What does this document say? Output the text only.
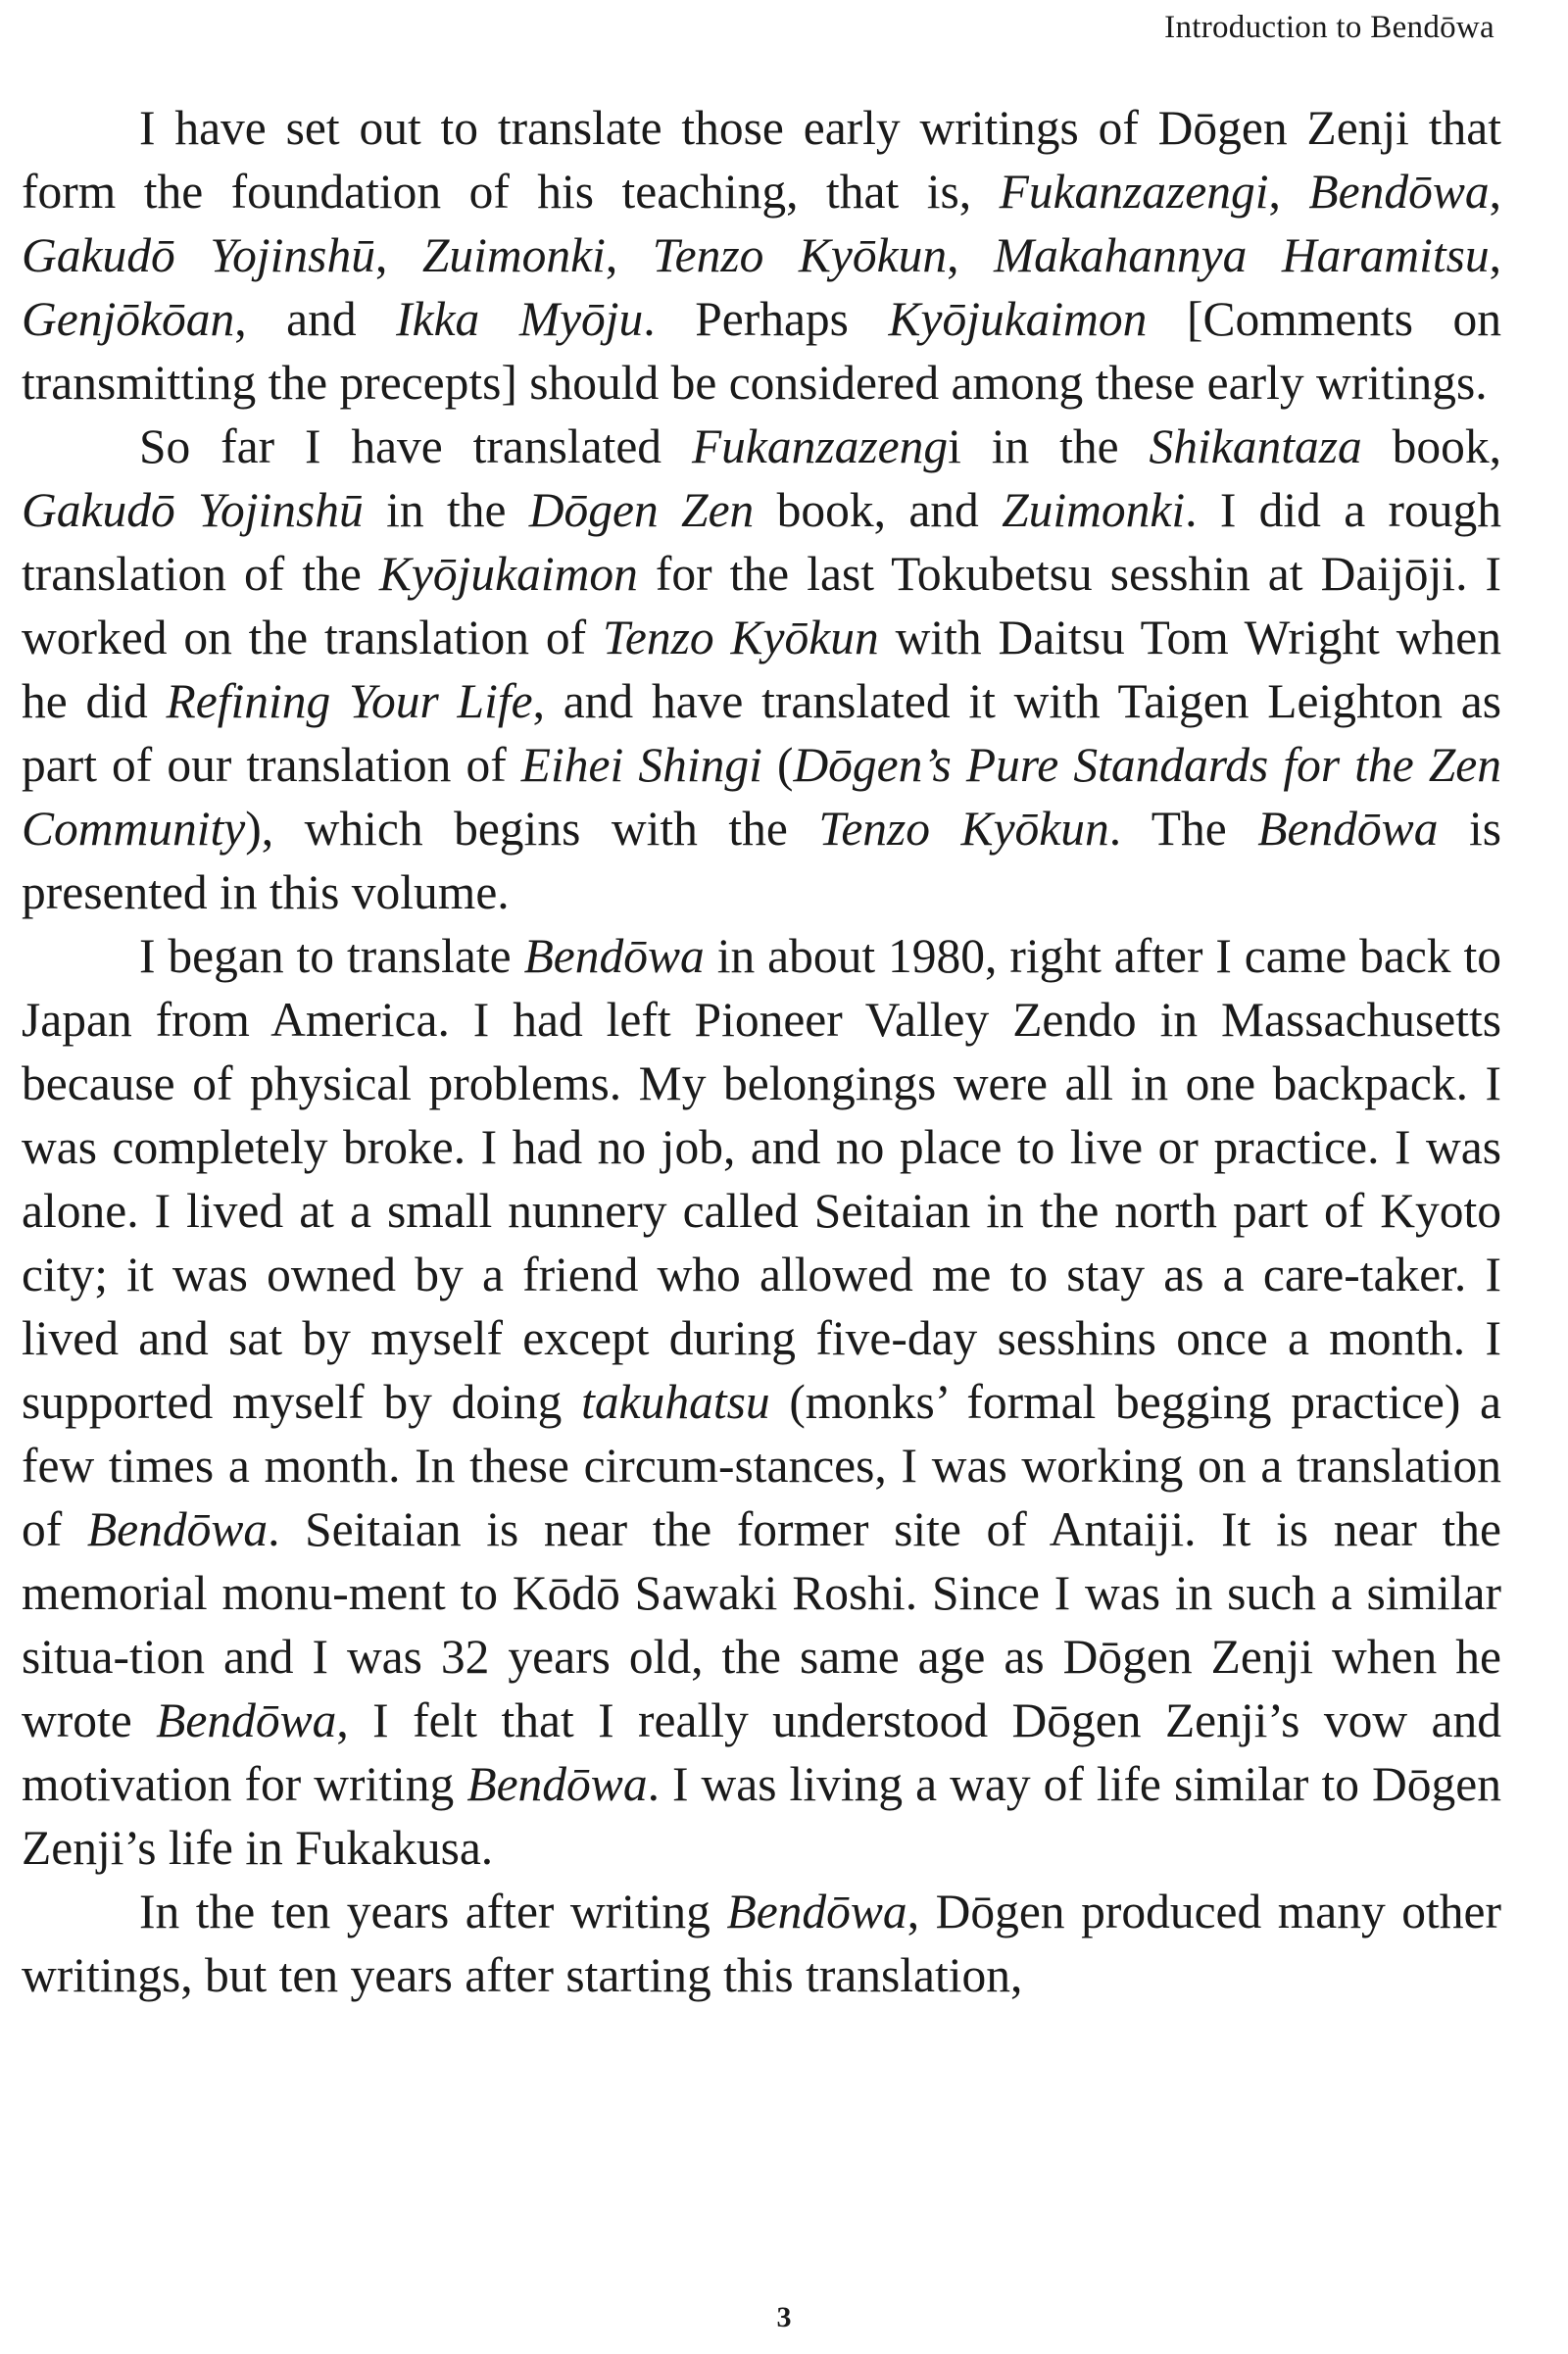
Introduction to Bendōwa

I have set out to translate those early writings of Dōgen Zenji that form the foundation of his teaching, that is, Fukanzazengi, Bendōwa, Gakudō Yojinshū, Zuimonki, Tenzo Kyōkun, Makahannya Haramitsu, Genjōkōan, and Ikka Myōju. Perhaps Kyōjukaimon [Comments on transmitting the precepts] should be considered among these early writings.

So far I have translated Fukanzazengi in the Shikantaza book, Gakudō Yojinshū in the Dōgen Zen book, and Zuimonki. I did a rough translation of the Kyōjukaimon for the last Tokubetsu sesshin at Daijōji. I worked on the translation of Tenzo Kyōkun with Daitsu Tom Wright when he did Refining Your Life, and have translated it with Taigen Leighton as part of our translation of Eihei Shingi (Dōgen’s Pure Standards for the Zen Community), which begins with the Tenzo Kyōkun. The Bendōwa is presented in this volume.

I began to translate Bendōwa in about 1980, right after I came back to Japan from America. I had left Pioneer Valley Zendo in Massachusetts because of physical problems. My belongings were all in one backpack. I was completely broke. I had no job, and no place to live or practice. I was alone. I lived at a small nunnery called Seitaian in the north part of Kyoto city; it was owned by a friend who allowed me to stay as a care-taker. I lived and sat by myself except during five-day sesshins once a month. I supported myself by doing takuhatsu (monks’ formal begging practice) a few times a month. In these circum-stances, I was working on a translation of Bendōwa. Seitaian is near the former site of Antaiji. It is near the memorial monu-ment to Kōdō Sawaki Roshi. Since I was in such a similar situa-tion and I was 32 years old, the same age as Dōgen Zenji when he wrote Bendōwa, I felt that I really understood Dōgen Zenji’s vow and motivation for writing Bendōwa. I was living a way of life similar to Dōgen Zenji’s life in Fukakusa.

In the ten years after writing Bendōwa, Dōgen produced many other writings, but ten years after starting this translation,

3
